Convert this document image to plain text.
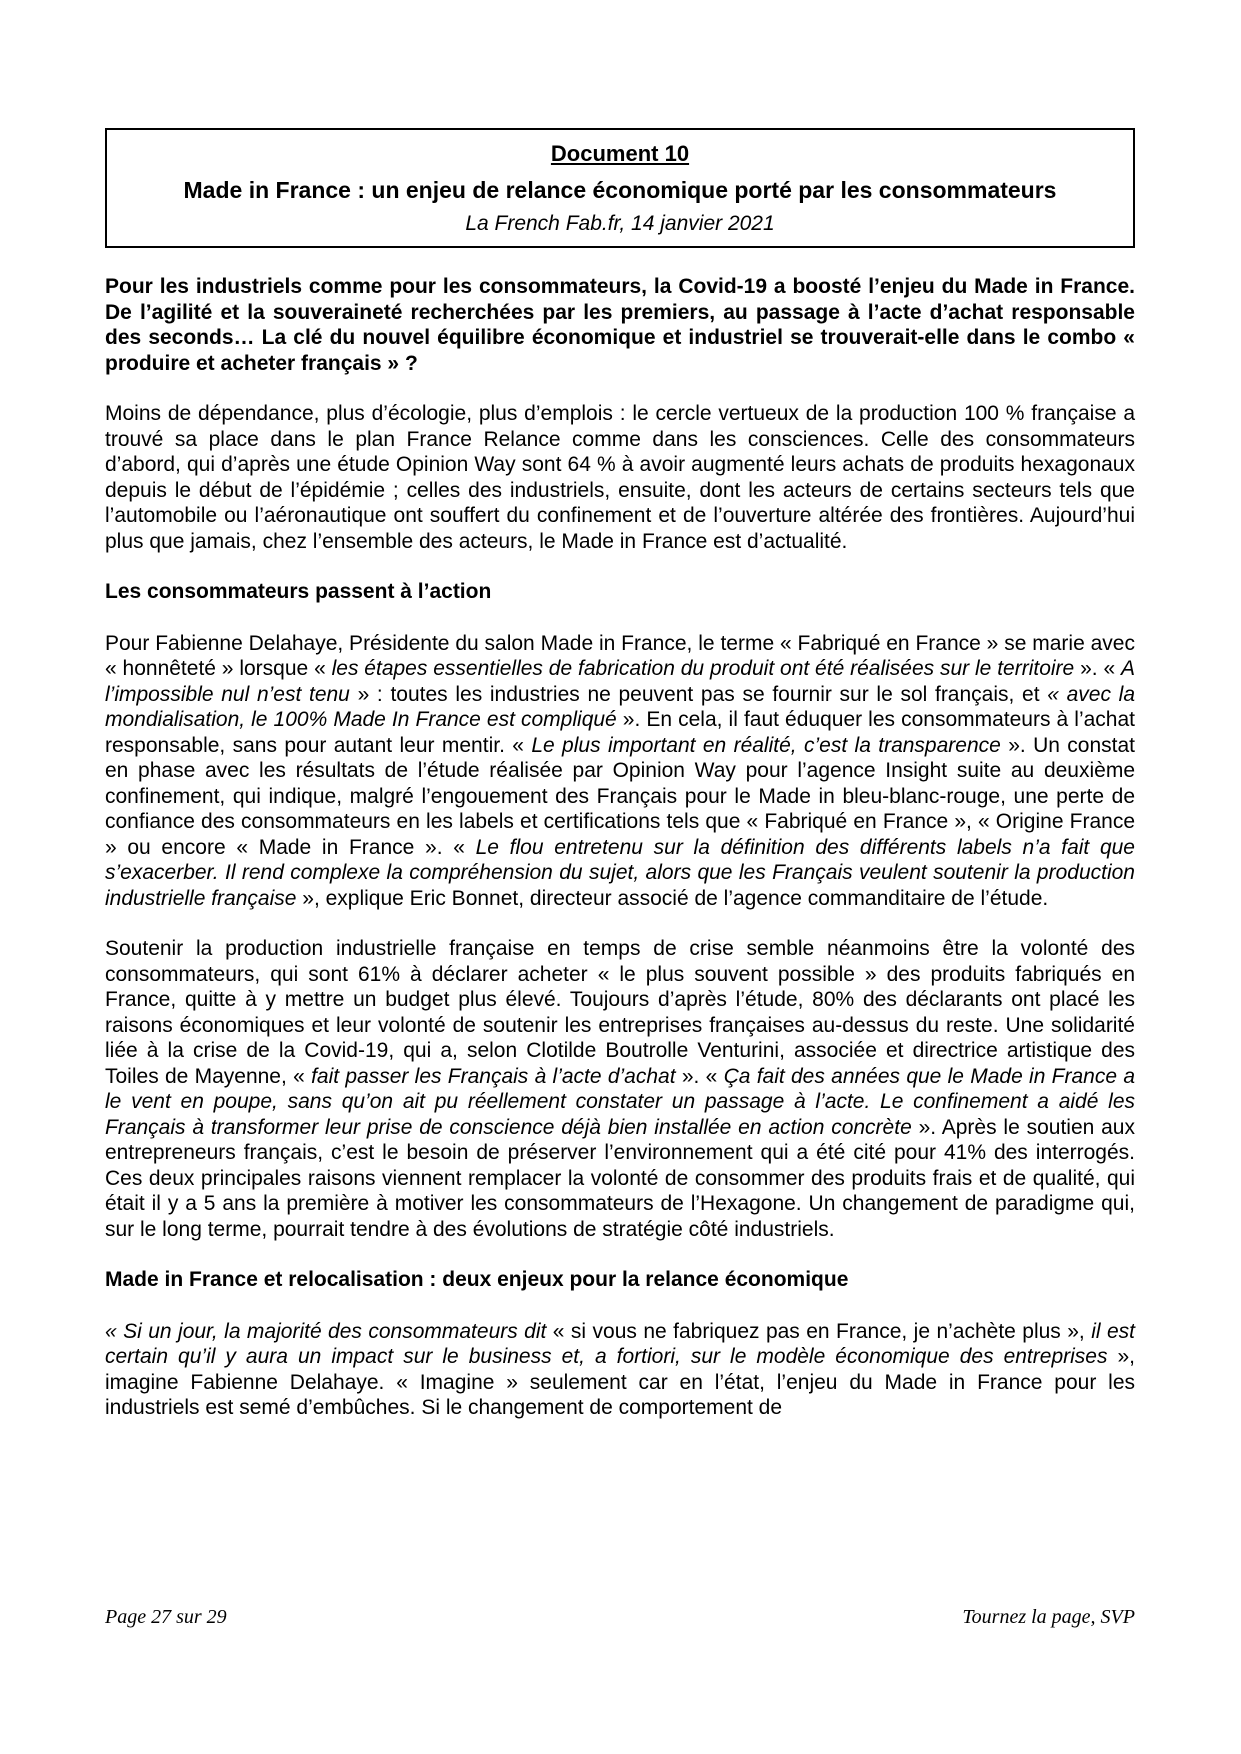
Document 10
Made in France : un enjeu de relance économique porté par les consommateurs
La French Fab.fr, 14 janvier 2021

Pour les industriels comme pour les consommateurs, la Covid-19 a boosté l’enjeu du Made in France. De l’agilité et la souveraineté recherchées par les premiers, au passage à l’acte d’achat responsable des seconds… La clé du nouvel équilibre économique et industriel se trouverait-elle dans le combo « produire et acheter français » ?

Moins de dépendance, plus d’écologie, plus d’emplois : le cercle vertueux de la production 100 % française a trouvé sa place dans le plan France Relance comme dans les consciences. Celle des consommateurs d’abord, qui d’après une étude Opinion Way sont 64 % à avoir augmenté leurs achats de produits hexagonaux depuis le début de l’épidémie ; celles des industriels, ensuite, dont les acteurs de certains secteurs tels que l’automobile ou l’aéronautique ont souffert du confinement et de l’ouverture altérée des frontières. Aujourd’hui plus que jamais, chez l’ensemble des acteurs, le Made in France est d’actualité.

Les consommateurs passent à l’action

Pour Fabienne Delahaye, Présidente du salon Made in France, le terme « Fabriqué en France » se marie avec « honnêteté » lorsque « les étapes essentielles de fabrication du produit ont été réalisées sur le territoire ». « A l’impossible nul n’est tenu » : toutes les industries ne peuvent pas se fournir sur le sol français, et « avec la mondialisation, le 100% Made In France est compliqué ». En cela, il faut éduquer les consommateurs à l’achat responsable, sans pour autant leur mentir. « Le plus important en réalité, c’est la transparence ». Un constat en phase avec les résultats de l’étude réalisée par Opinion Way pour l’agence Insight suite au deuxième confinement, qui indique, malgré l’engouement des Français pour le Made in bleu-blanc-rouge, une perte de confiance des consommateurs en les labels et certifications tels que « Fabriqué en France », « Origine France » ou encore « Made in France ». « Le flou entretenu sur la définition des différents labels n’a fait que s’exacerber. Il rend complexe la compréhension du sujet, alors que les Français veulent soutenir la production industrielle française », explique Eric Bonnet, directeur associé de l’agence commanditaire de l’étude.

Soutenir la production industrielle française en temps de crise semble néanmoins être la volonté des consommateurs, qui sont 61% à déclarer acheter « le plus souvent possible » des produits fabriqués en France, quitte à y mettre un budget plus élevé. Toujours d’après l’étude, 80% des déclarants ont placé les raisons économiques et leur volonté de soutenir les entreprises françaises au-dessus du reste. Une solidarité liée à la crise de la Covid-19, qui a, selon Clotilde Boutrolle Venturini, associée et directrice artistique des Toiles de Mayenne, « fait passer les Français à l’acte d’achat ». « Ça fait des années que le Made in France a le vent en poupe, sans qu’on ait pu réellement constater un passage à l’acte. Le confinement a aidé les Français à transformer leur prise de conscience déjà bien installée en action concrète ». Après le soutien aux entrepreneurs français, c’est le besoin de préserver l’environnement qui a été cité pour 41% des interrogés. Ces deux principales raisons viennent remplacer la volonté de consommer des produits frais et de qualité, qui était il y a 5 ans la première à motiver les consommateurs de l’Hexagone. Un changement de paradigme qui, sur le long terme, pourrait tendre à des évolutions de stratégie côté industriels.

Made in France et relocalisation : deux enjeux pour la relance économique

« Si un jour, la majorité des consommateurs dit « si vous ne fabriquez pas en France, je n’achète plus », il est certain qu’il y aura un impact sur le business et, a fortiori, sur le modèle économique des entreprises », imagine Fabienne Delahaye. « Imagine » seulement car en l’état, l’enjeu du Made in France pour les industriels est semé d’embûches. Si le changement de comportement de

Page 27 sur 29	Tournez la page, SVP
